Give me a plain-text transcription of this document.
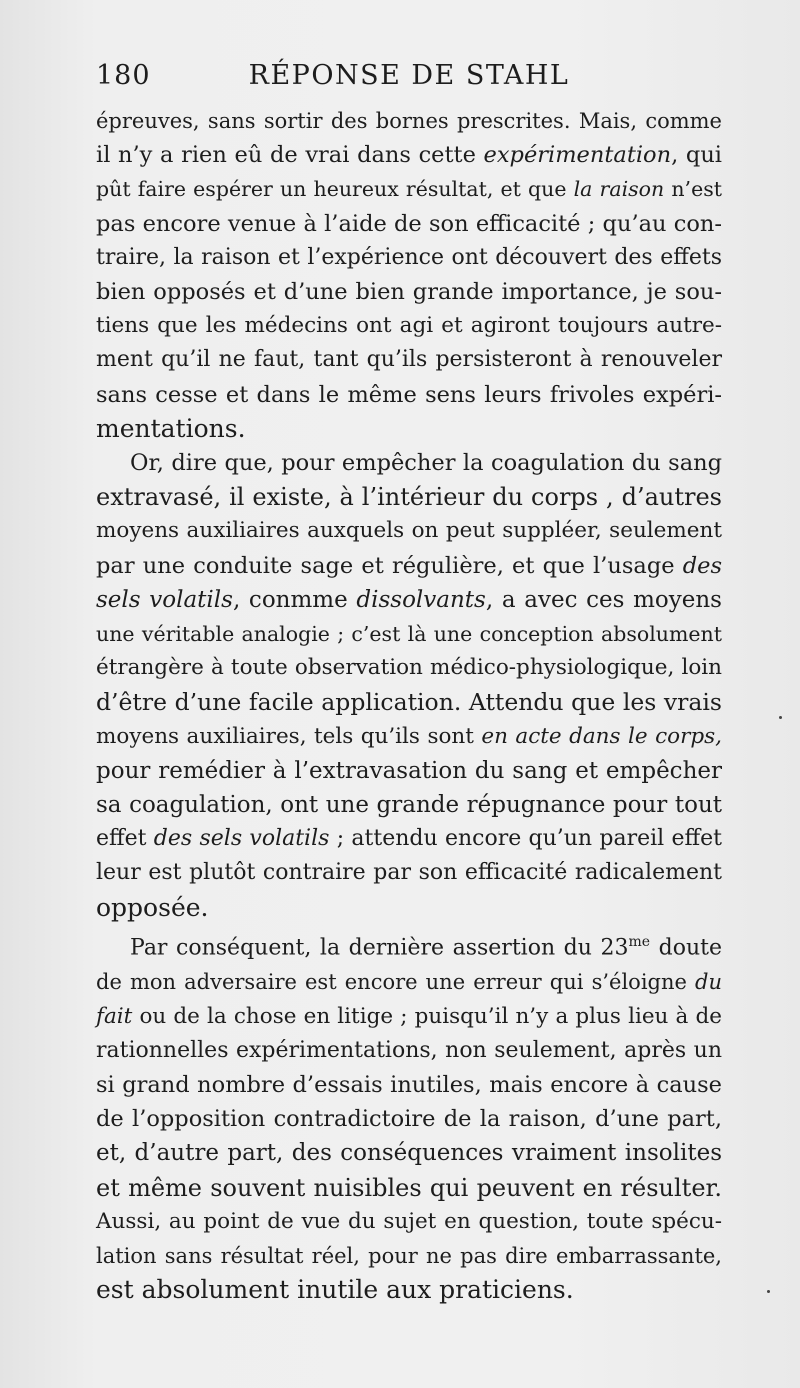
180	RÉPONSE DE STAHL

épreuves, sans sortir des bornes prescrites. Mais, comme
il n’y a rien eû de vrai dans cette expérimentation, qui
pût faire espérer un heureux résultat, et que la raison n’est
pas encore venue à l’aide de son efficacité ; qu’au con-
traire, la raison et l’expérience ont découvert des effets
bien opposés et d’une bien grande importance, je sou-
tiens que les médecins ont agi et agiront toujours autre-
ment qu’il ne faut, tant qu’ils persisteront à renouveler
sans cesse et dans le même sens leurs frivoles expéri-
mentations.

Or, dire que, pour empêcher la coagulation du sang
extravasé, il existe, à l’intérieur du corps , d’autres
moyens auxiliaires auxquels on peut suppléer, seulement
par une conduite sage et régulière, et que l’usage des
sels volatils, conmme dissolvants, a avec ces moyens
une véritable analogie ; c’est là une conception absolument
étrangère à toute observation médico-physiologique, loin
d’être d’une facile application. Attendu que les vrais
moyens auxiliaires, tels qu’ils sont en acte dans le corps,
pour remédier à l’extravasation du sang et empêcher
sa coagulation, ont une grande répugnance pour tout
effet des sels volatils ; attendu encore qu’un pareil effet
leur est plutôt contraire par son efficacité radicalement
opposée.

Par conséquent, la dernière assertion du $23^{me}$ doute
de mon adversaire est encore une erreur qui s’éloigne du
fait ou de la chose en litige ; puisqu’il n’y a plus lieu à de
rationnelles expérimentations, non seulement, après un
si grand nombre d’essais inutiles, mais encore à cause
de l’opposition contradictoire de la raison, d’une part,
et, d’autre part, des conséquences vraiment insolites
et même souvent nuisibles qui peuvent en résulter.
Aussi, au point de vue du sujet en question, toute spécu-
lation sans résultat réel, pour ne pas dire embarrassante,
est absolument inutile aux praticiens.
